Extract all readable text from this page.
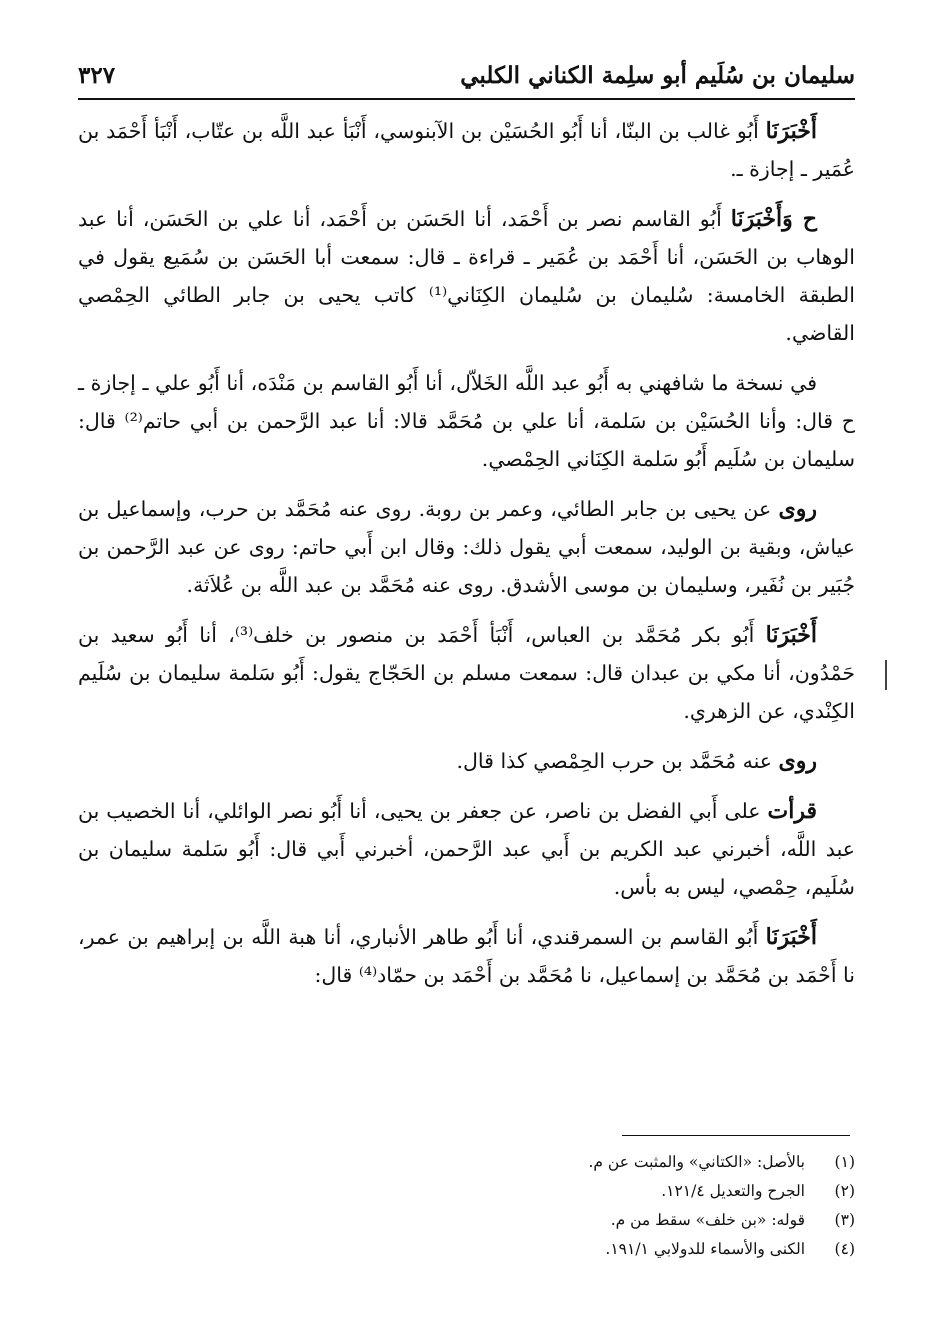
سليمان بن سُلَيم أبو سلِمة الكناني الكلبي
٣٢٧

أَخْبَرَنَا أَبُو غالب بن البنّا، أنا أَبُو الحُسَيْن بن الآبنوسي، أَنْبَأ عبد اللَّه بن عتّاب، أَنْبَأ أَحْمَد بن عُمَير ـ إجازة ـ.

ح وَأَخْبَرَنَا أَبُو القاسم نصر بن أَحْمَد، أنا الحَسَن بن أَحْمَد، أنا علي بن الحَسَن، أنا عبد الوهاب بن الحَسَن، أنا أَحْمَد بن عُمَير ـ قراءة ـ قال: سمعت أبا الحَسَن بن سُمَيع يقول في الطبقة الخامسة: سُليمان بن سُليمان الكِنَاني⁽¹⁾ كاتب يحيى بن جابر الطائي الحِمْصي القاضي.

في نسخة ما شافهني به أَبُو عبد اللَّه الخَلاّل، أنا أَبُو القاسم بن مَنْدَه، أنا أَبُو علي ـ إجازة ـ ح قال: وأنا الحُسَيْن بن سَلمة، أنا علي بن مُحَمَّد قالا: أنا عبد الرَّحمن بن أبي حاتم⁽²⁾ قال: سليمان بن سُلَيم أَبُو سَلمة الكِنَاني الحِمْصي.

روى عن يحيى بن جابر الطائي، وعمر بن روبة. روى عنه مُحَمَّد بن حرب، وإسماعيل بن عياش، وبقية بن الوليد، سمعت أبي يقول ذلك: وقال ابن أَبي حاتم: روى عن عبد الرَّحمن بن جُبَير بن نُفَير، وسليمان بن موسى الأشدق. روى عنه مُحَمَّد بن عبد اللَّه بن عُلاَثة.

أَخْبَرَنَا أَبُو بكر مُحَمَّد بن العباس، أَنْبَأ أَحْمَد بن منصور بن خلف⁽³⁾، أنا أَبُو سعيد بن حَمْدُون، أنا مكي بن عبدان قال: سمعت مسلم بن الحَجّاج يقول: أَبُو سَلمة سليمان بن سُلَيم الكِنْدي، عن الزهري.

روى عنه مُحَمَّد بن حرب الحِمْصي كذا قال.

قرأت على أَبي الفضل بن ناصر، عن جعفر بن يحيى، أنا أَبُو نصر الوائلي، أنا الخصيب بن عبد اللَّه، أخبرني عبد الكريم بن أَبي عبد الرَّحمن، أخبرني أَبي قال: أَبُو سَلمة سليمان بن سُلَيم، حِمْصي، ليس به بأس.

أَخْبَرَنَا أَبُو القاسم بن السمرقندي، أنا أَبُو طاهر الأنباري، أنا هبة اللَّه بن إبراهيم بن عمر، نا أَحْمَد بن مُحَمَّد بن إسماعيل، نا مُحَمَّد بن أَحْمَد بن حمّاد⁽⁴⁾ قال:

(١)
بالأصل: «الكتاني» والمثبت عن م.
(٢)
الجرح والتعديل ١٢١/٤.
(٣)
قوله: «بن خلف» سقط من م.
(٤)
الكنى والأسماء للدولابي ١٩١/١.
